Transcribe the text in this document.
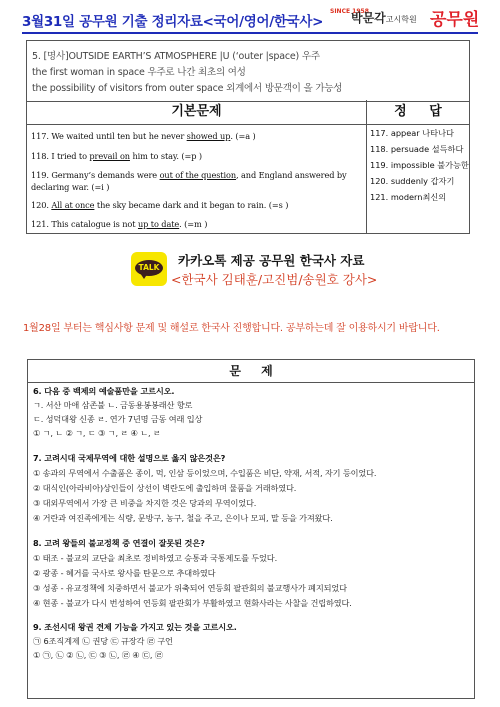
3월31일 공무원 기출 정리자료<국어/영어/한국사>
SINCE 1958
박문각고시학원 공무원

5. [명사]OUTSIDE EARTH’S ATMOSPHERE |U (‘outer |space) 우주

the first woman in space 우주로 나간 최초의 여성

the possibility of visitors from outer space 외계에서 방문객이 올 가능성

기본문제	정 답
117. We waited until ten but he never showed up. (=a )
118. I tried to prevail on him to stay. (=p )
119. Germany’s demands were out of the question, and England answered by
declaring war. (=i )
120. All at once the sky became dark and it began to rain. (=s )
121. This catalogue is not up to date. (=m )
117. appear 나타나다
118. persuade 설득하다
119. impossible 불가능한
120. suddenly 갑자기
121. modern최신의
TALK 카카오톡 제공 공무원 한국사 자료
<한국사 김태훈/고진범/송원호 강사>
1월28일 부터는 핵심사항 문제 및 해설로 한국사 진행합니다. 공부하는데 잘 이용하시기 바랍니다.
문 제
6. 다음 중 백제의 예술품만을 고르시오.
ㄱ. 서산 마애 삼존불 ㄴ. 금동용봉봉래산 향로
ㄷ. 성덕대왕 신종 ㄹ. 연가 7년명 금동 여래 입상
① ㄱ, ㄴ ② ㄱ, ㄷ ③ ㄱ, ㄹ ④ ㄴ, ㄹ
7. 고려시대 국제무역에 대한 설명으로 옳지 않은것은?
① 송과의 무역에서 수출품은 종이, 먹, 인삼 등이었으며, 수입품은 비단, 약재, 서적, 자기 등이었다.
② 대식인(아라비아)상인들이 상선이 벽란도에 출입하며 물품을 거래하였다.
③ 대외무역에서 가장 큰 비중을 차지한 것은 당과의 무역이었다.
④ 거란과 여진족에게는 식량, 문방구, 농구, 철을 주고, 은이나 모피, 말 등을 가져왔다.
8. 고려 왕들의 불교정책 중 연결이 잘못된 것은?
① 태조 - 불교의 교단을 최초로 정비하였고 승통과 국통제도를 두었다.
② 광종 - 혜거를 국사로 왕사를 탄문으로 추대하였다
③ 성종 - 유교정책에 치중하면서 불교가 위축되어 연등회 팔관회의 불교행사가 폐지되었다
④ 현종 - 불교가 다시 번성하여 연등회 팔관회가 부활하였고 현화사라는 사찰을 건립하였다.
9. 조선시대 왕권 견제 기능을 가지고 있는 것을 고르시오.
㉠ 6조직계제 ㉡ 권당 ㉢ 규장각 ㉣ 구언
① ㉠, ㉡ ② ㉡, ㉢ ③ ㉡, ㉣ ④ ㉢, ㉣
